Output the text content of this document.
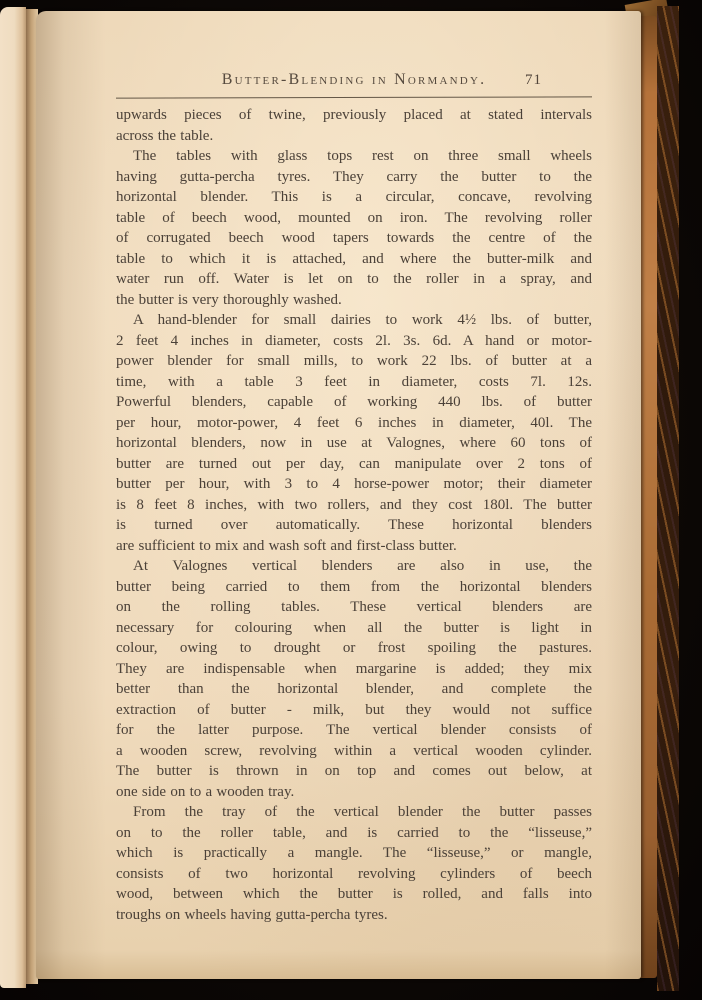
Butter-Blending in Normandy.	71
upwards pieces of twine, previously placed at stated intervals
across the table.
The tables with glass tops rest on three small wheels
having gutta-percha tyres. They carry the butter to the
horizontal blender. This is a circular, concave, revolving
table of beech wood, mounted on iron. The revolving roller
of corrugated beech wood tapers towards the centre of the
table to which it is attached, and where the butter-milk and
water run off. Water is let on to the roller in a spray, and
the butter is very thoroughly washed.
A hand-blender for small dairies to work 4½ lbs. of butter,
2 feet 4 inches in diameter, costs 2l. 3s. 6d. A hand or motor-
power blender for small mills, to work 22 lbs. of butter at a
time, with a table 3 feet in diameter, costs 7l. 12s.
Powerful blenders, capable of working 440 lbs. of butter
per hour, motor-power, 4 feet 6 inches in diameter, 40l. The
horizontal blenders, now in use at Valognes, where 60 tons of
butter are turned out per day, can manipulate over 2 tons of
butter per hour, with 3 to 4 horse-power motor; their diameter
is 8 feet 8 inches, with two rollers, and they cost 180l. The butter
is turned over automatically. These horizontal blenders
are sufficient to mix and wash soft and first-class butter.
At Valognes vertical blenders are also in use, the
butter being carried to them from the horizontal blenders
on the rolling tables. These vertical blenders are
necessary for colouring when all the butter is light in
colour, owing to drought or frost spoiling the pastures.
They are indispensable when margarine is added; they mix
better than the horizontal blender, and complete the
extraction of butter - milk, but they would not suffice
for the latter purpose. The vertical blender consists of
a wooden screw, revolving within a vertical wooden cylinder.
The butter is thrown in on top and comes out below, at
one side on to a wooden tray.
From the tray of the vertical blender the butter passes
on to the roller table, and is carried to the “lisseuse,”
which is practically a mangle. The “lisseuse,” or mangle,
consists of two horizontal revolving cylinders of beech
wood, between which the butter is rolled, and falls into
troughs on wheels having gutta-percha tyres.
